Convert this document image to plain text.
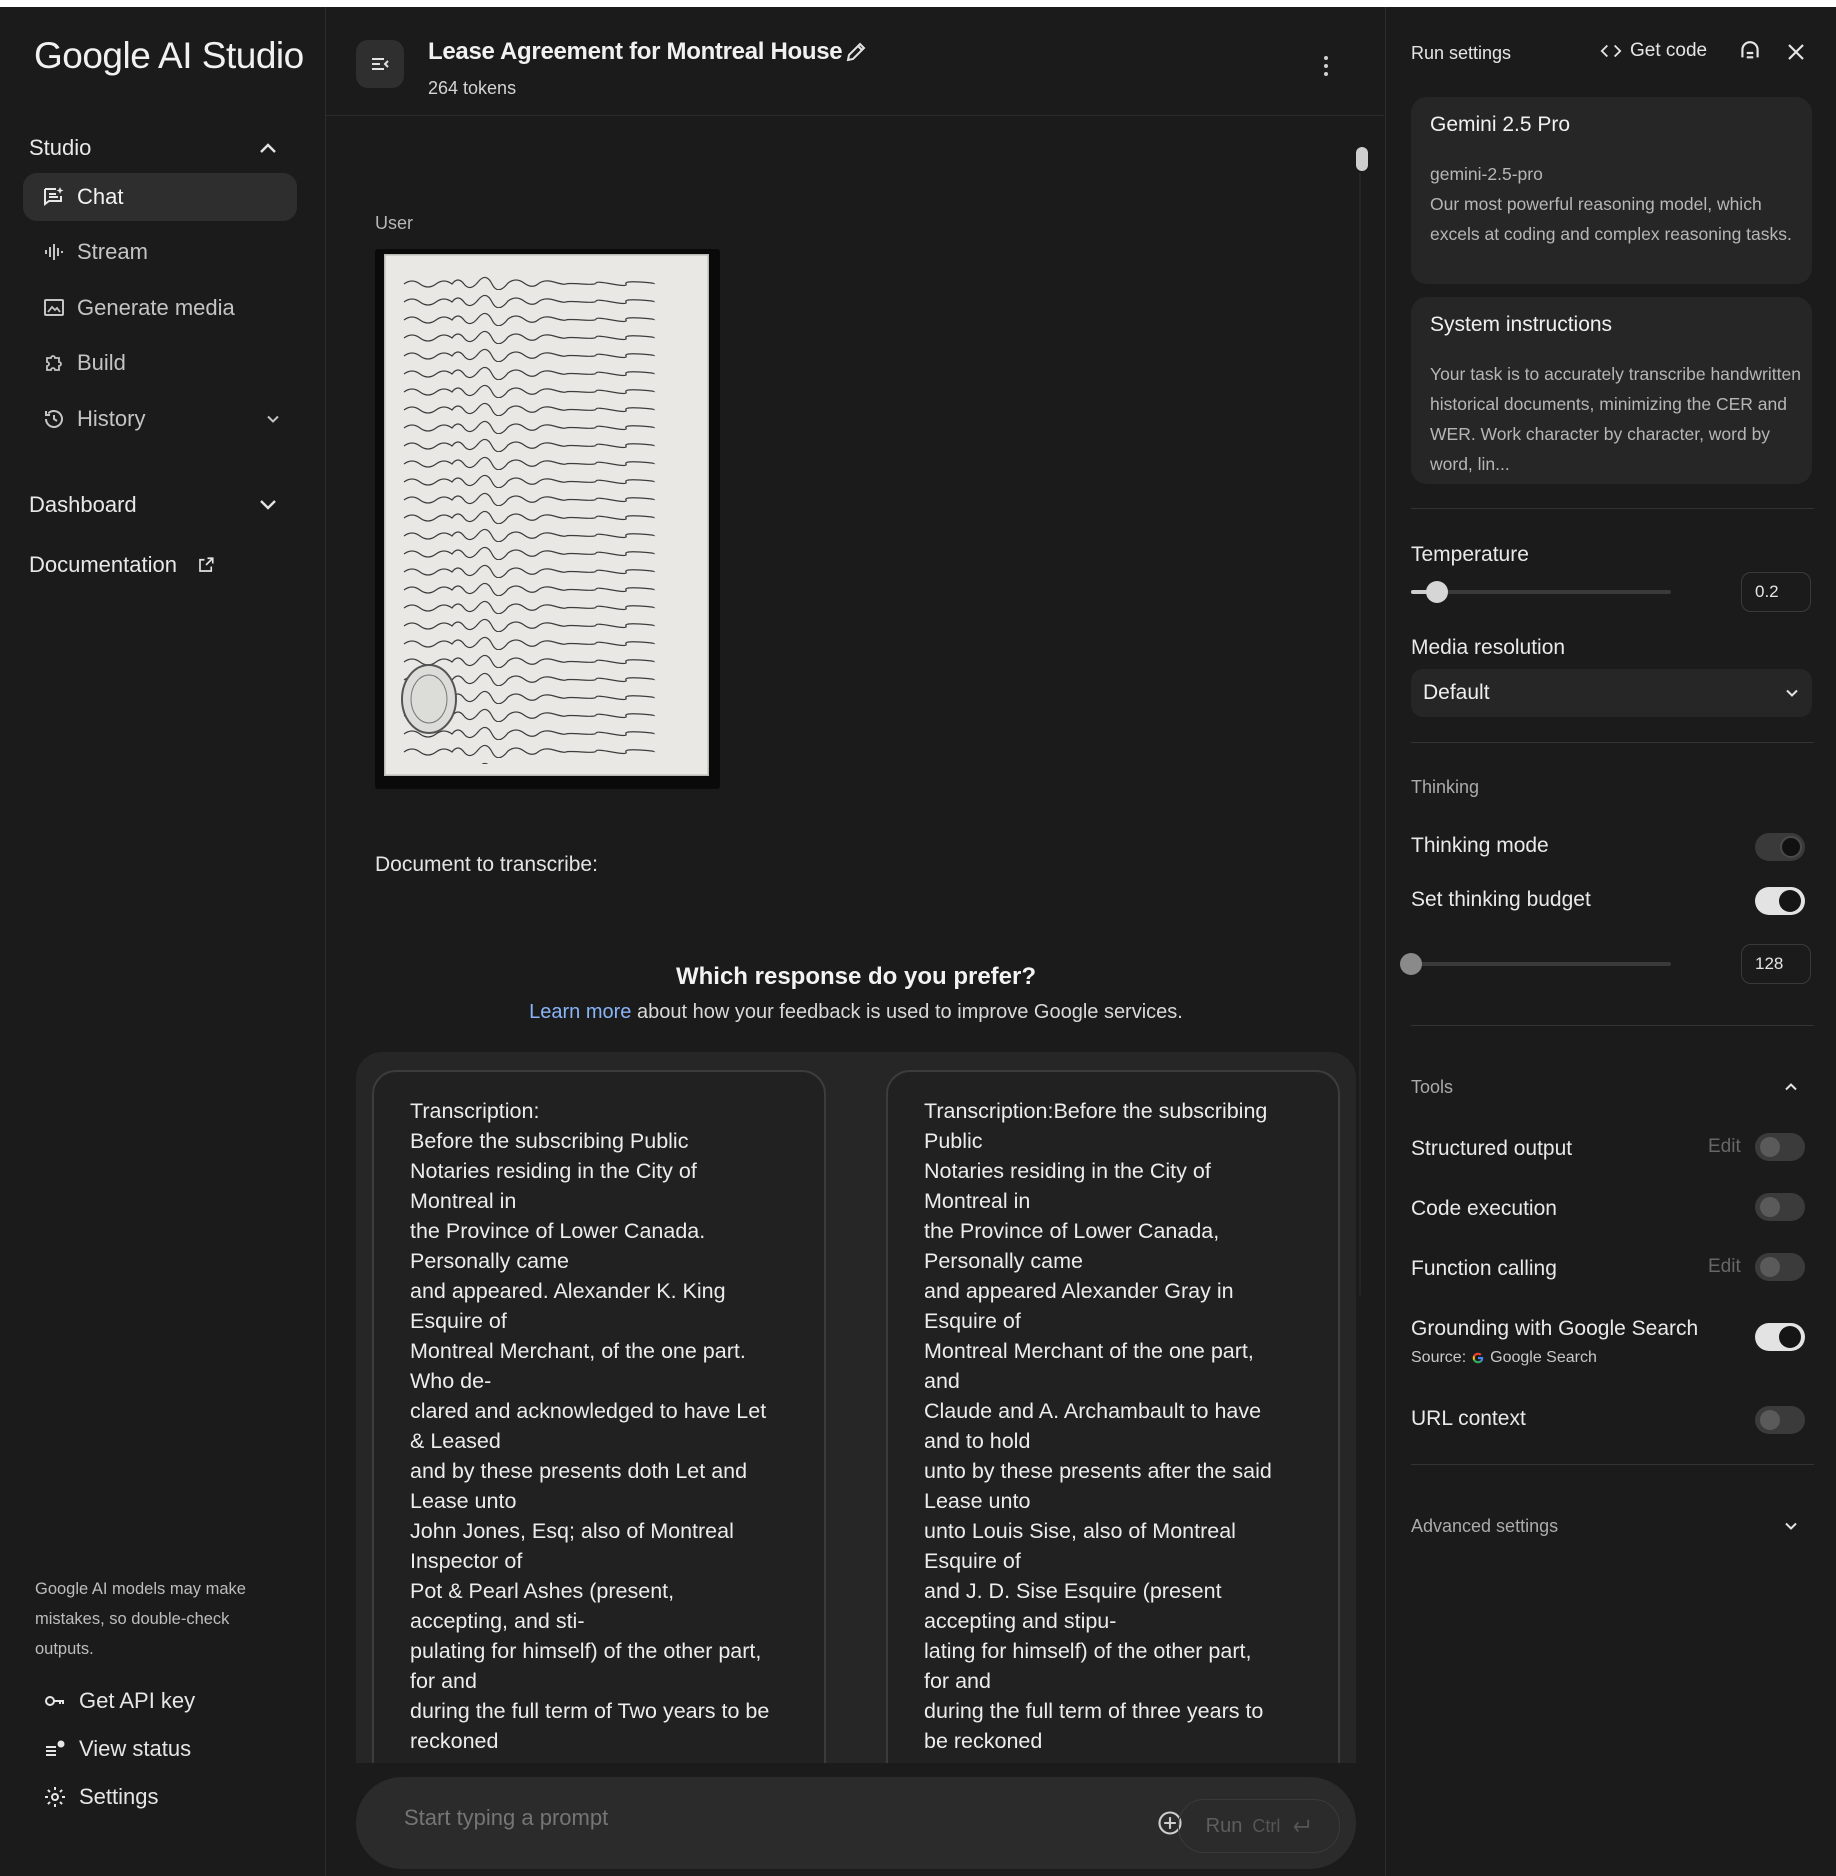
Google AI Studio
Studio
Chat
Stream
Generate media
Build
History
Dashboard
Documentation
Google AI models may make mistakes, so double-check outputs.
Get API key
View status
Settings
Lease Agreement for Montreal House
264 tokens
User
Document to transcribe:
Which response do you prefer?
Learn more about how your feedback is used to improve Google services.
Transcription:
Before the subscribing Public
Notaries residing in the City of
Montreal in
the Province of Lower Canada.
Personally came
and appeared. Alexander K. King
Esquire of
Montreal Merchant, of the one part.
Who de-
clared and acknowledged to have Let
& Leased
and by these presents doth Let and
Lease unto
John Jones, Esq; also of Montreal
Inspector of
Pot & Pearl Ashes (present,
accepting, and sti-
pulating for himself) of the other part,
for and
during the full term of Two years to be
reckoned
Transcription:Before the subscribing
Public
Notaries residing in the City of
Montreal in
the Province of Lower Canada,
Personally came
and appeared Alexander Gray in
Esquire of
Montreal Merchant of the one part,
and
Claude and A. Archambault to have
and to hold
unto by these presents after the said
Lease unto
unto Louis Sise, also of Montreal
Esquire of
and J. D. Sise Esquire (present
accepting and stipu-
lating for himself) of the other part,
for and
during the full term of three years to
be reckoned
Start typing a prompt
Run Ctrl
Run settings	Get code
Gemini 2.5 Pro
gemini-2.5-pro
Our most powerful reasoning model, which excels at coding and complex reasoning tasks.
System instructions
Your task is to accurately transcribe handwritten historical documents, minimizing the CER and WER. Work character by character, word by word, lin...
Temperature
0.2
Media resolution
Default
Thinking
Thinking mode
Set thinking budget
128
Tools
Structured output	Edit
Code execution
Function calling	Edit
Grounding with Google Search
Source: Google Search
URL context
Advanced settings
